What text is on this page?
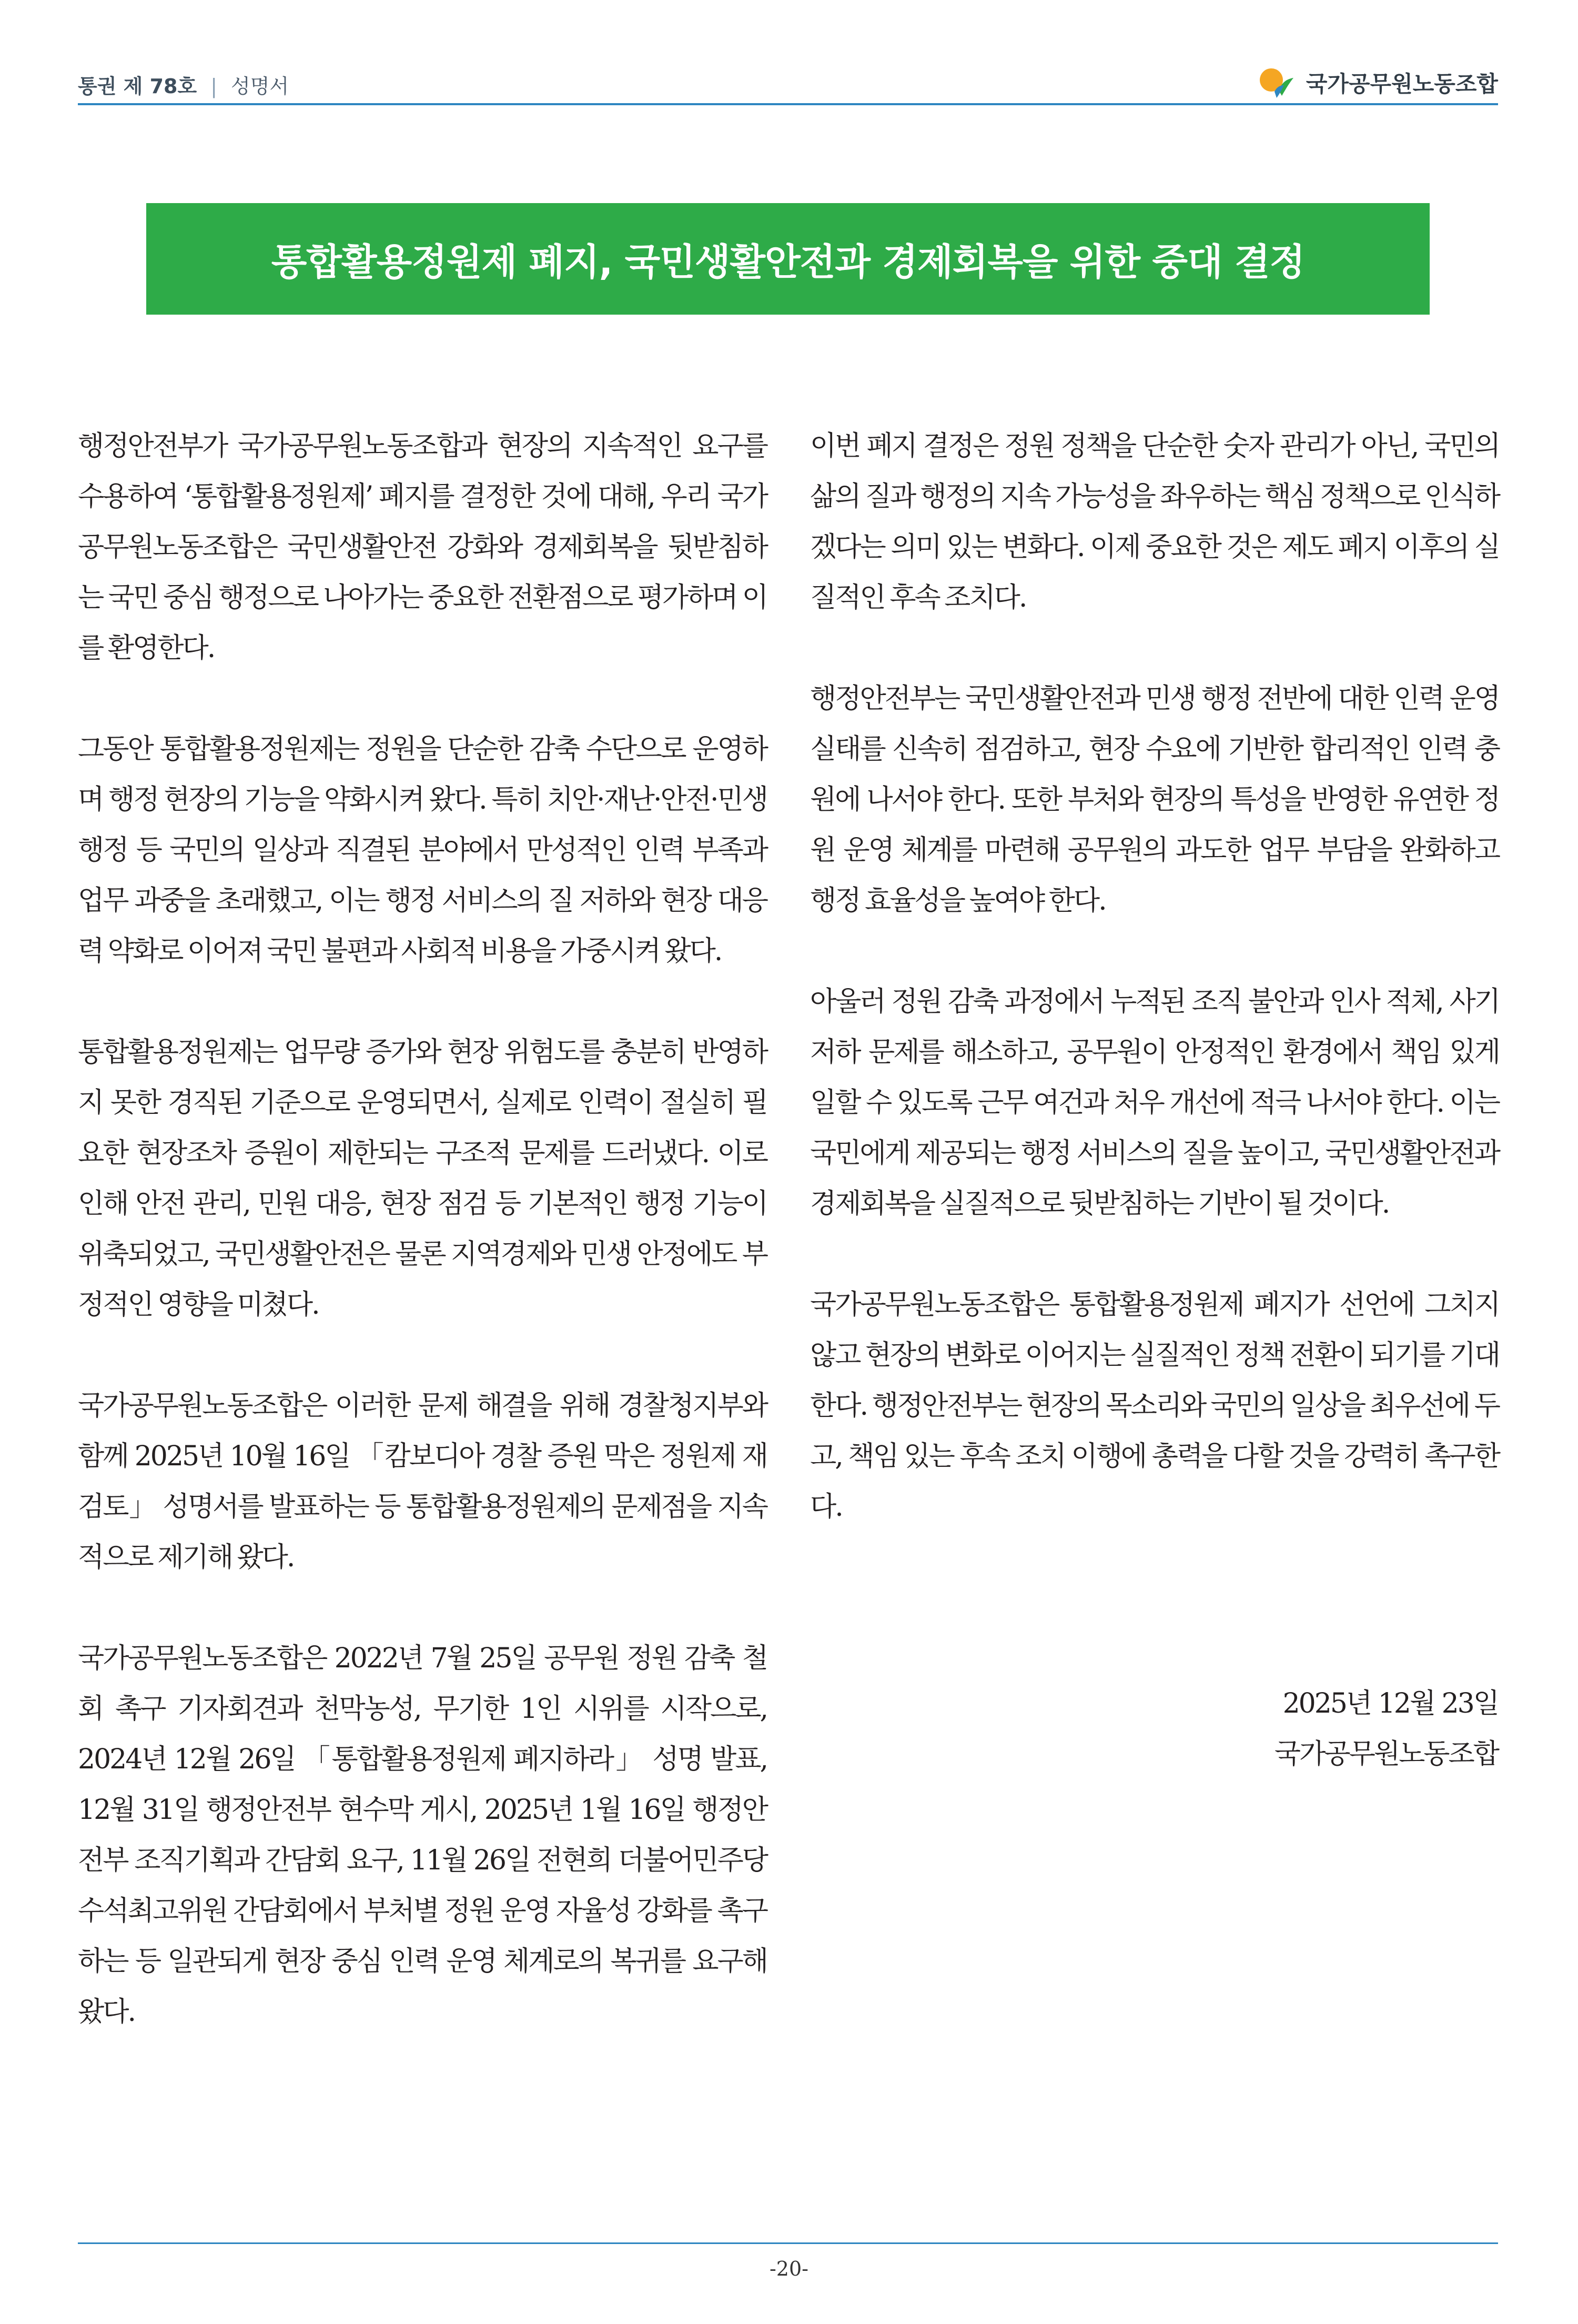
통권 제 78호 | 성명서	국가공무원노동조합
통합활용정원제 폐지, 국민생활안전과 경제회복을 위한 중대 결정

행정안전부가 국가공무원노동조합과 현장의 지속적인 요구를 수용하여 ‘통합활용정원제’ 폐지를 결정한 것에 대해, 우리 국가공무원노동조합은 국민생활안전 강화와 경제회복을 뒷받침하는 국민 중심 행정으로 나아가는 중요한 전환점으로 평가하며 이를 환영한다.

그동안 통합활용정원제는 정원을 단순한 감축 수단으로 운영하며 행정 현장의 기능을 약화시켜 왔다. 특히 치안·재난·안전·민생 행정 등 국민의 일상과 직결된 분야에서 만성적인 인력 부족과 업무 과중을 초래했고, 이는 행정 서비스의 질 저하와 현장 대응력 약화로 이어져 국민 불편과 사회적 비용을 가중시켜 왔다.

통합활용정원제는 업무량 증가와 현장 위험도를 충분히 반영하지 못한 경직된 기준으로 운영되면서, 실제로 인력이 절실히 필요한 현장조차 증원이 제한되는 구조적 문제를 드러냈다. 이로 인해 안전 관리, 민원 대응, 현장 점검 등 기본적인 행정 기능이 위축되었고, 국민생활안전은 물론 지역경제와 민생 안정에도 부정적인 영향을 미쳤다.

국가공무원노동조합은 이러한 문제 해결을 위해 경찰청지부와 함께 2025년 10월 16일 「캄보디아 경찰 증원 막은 정원제 재검토」 성명서를 발표하는 등 통합활용정원제의 문제점을 지속적으로 제기해 왔다.

국가공무원노동조합은 2022년 7월 25일 공무원 정원 감축 철회 촉구 기자회견과 천막농성, 무기한 1인 시위를 시작으로, 2024년 12월 26일 「통합활용정원제 폐지하라」 성명 발표, 12월 31일 행정안전부 현수막 게시, 2025년 1월 16일 행정안전부 조직기획과 간담회 요구, 11월 26일 전현희 더불어민주당 수석최고위원 간담회에서 부처별 정원 운영 자율성 강화를 촉구하는 등 일관되게 현장 중심 인력 운영 체계로의 복귀를 요구해 왔다.

이번 폐지 결정은 정원 정책을 단순한 숫자 관리가 아닌, 국민의 삶의 질과 행정의 지속 가능성을 좌우하는 핵심 정책으로 인식하겠다는 의미 있는 변화다. 이제 중요한 것은 제도 폐지 이후의 실질적인 후속 조치다.

행정안전부는 국민생활안전과 민생 행정 전반에 대한 인력 운영 실태를 신속히 점검하고, 현장 수요에 기반한 합리적인 인력 충원에 나서야 한다. 또한 부처와 현장의 특성을 반영한 유연한 정원 운영 체계를 마련해 공무원의 과도한 업무 부담을 완화하고 행정 효율성을 높여야 한다.

아울러 정원 감축 과정에서 누적된 조직 불안과 인사 적체, 사기 저하 문제를 해소하고, 공무원이 안정적인 환경에서 책임 있게 일할 수 있도록 근무 여건과 처우 개선에 적극 나서야 한다. 이는 국민에게 제공되는 행정 서비스의 질을 높이고, 국민생활안전과 경제회복을 실질적으로 뒷받침하는 기반이 될 것이다.

국가공무원노동조합은 통합활용정원제 폐지가 선언에 그치지 않고 현장의 변화로 이어지는 실질적인 정책 전환이 되기를 기대한다. 행정안전부는 현장의 목소리와 국민의 일상을 최우선에 두고, 책임 있는 후속 조치 이행에 총력을 다할 것을 강력히 촉구한다.

2025년 12월 23일
국가공무원노동조합
-20-
